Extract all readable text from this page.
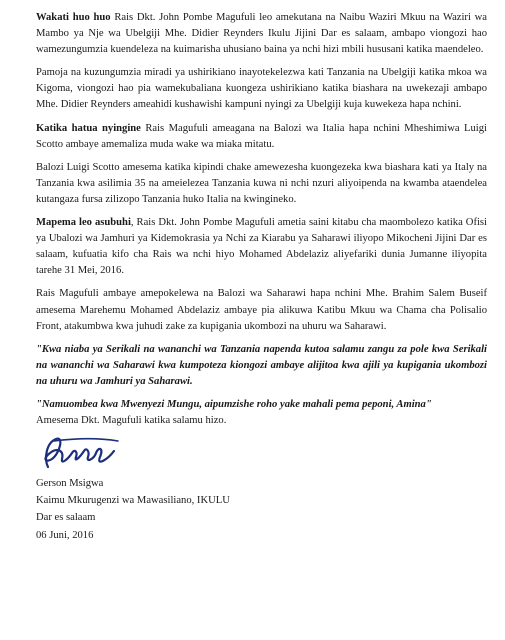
Wakati huo huo Rais Dkt. John Pombe Magufuli leo amekutana na Naibu Waziri Mkuu na Waziri wa Mambo ya Nje wa Ubelgiji Mhe. Didier Reynders Ikulu Jijini Dar es salaam, ambapo viongozi hao wamezungumzia kuendeleza na kuimarisha uhusiano baina ya nchi hizi mbili hususani katika maendeleo.

Pamoja na kuzungumzia miradi ya ushirikiano inayotekelezwa kati Tanzania na Ubelgiji katika mkoa wa Kigoma, viongozi hao pia wamekubaliana kuongeza ushirikiano katika biashara na uwekezaji ambapo Mhe. Didier Reynders ameahidi kushawishi kampuni nyingi za Ubelgiji kuja kuwekeza hapa nchini.

Katika hatua nyingine Rais Magufuli ameagana na Balozi wa Italia hapa nchini Mheshimiwa Luigi Scotto ambaye amemaliza muda wake wa miaka mitatu.

Balozi Luigi Scotto amesema katika kipindi chake amewezesha kuongezeka kwa biashara kati ya Italy na Tanzania kwa asilimia 35 na ameielezea Tanzania kuwa ni nchi nzuri aliyoipenda na kwamba ataendelea kutangaza fursa zilizopo Tanzania huko Italia na kwingineko.

Mapema leo asubuhi, Rais Dkt. John Pombe Magufuli ametia saini kitabu cha maombolezo katika Ofisi ya Ubalozi wa Jamhuri ya Kidemokrasia ya Nchi za Kiarabu ya Saharawi iliyopo Mikocheni Jijini Dar es salaam, kufuatia kifo cha Rais wa nchi hiyo Mohamed Abdelaziz aliyefariki dunia Jumanne iliyopita tarehe 31 Mei, 2016.

Rais Magufuli ambaye amepokelewa na Balozi wa Saharawi hapa nchini Mhe. Brahim Salem Buseif amesema Marehemu Mohamed Abdelaziz ambaye pia alikuwa Katibu Mkuu wa Chama cha Polisalio Front, atakumbwa kwa juhudi zake za kupigania ukombozi na uhuru wa Saharawi.

"Kwa niaba ya Serikali na wananchi wa Tanzania napenda kutoa salamu zangu za pole kwa Serikali na wananchi wa Saharawi kwa kumpoteza kiongozi ambaye alijitoa kwa ajili ya kupigania ukombozi na uhuru wa Jamhuri ya Saharawi.

"Namuombea kwa Mwenyezi Mungu, aipumzishe roho yake mahali pema peponi, Amina"

Amesema Dkt. Magufuli katika salamu hizo.

Gerson Msigwa

Kaimu Mkurugenzi wa Mawasiliano, IKULU

Dar es salaam

06 Juni, 2016
